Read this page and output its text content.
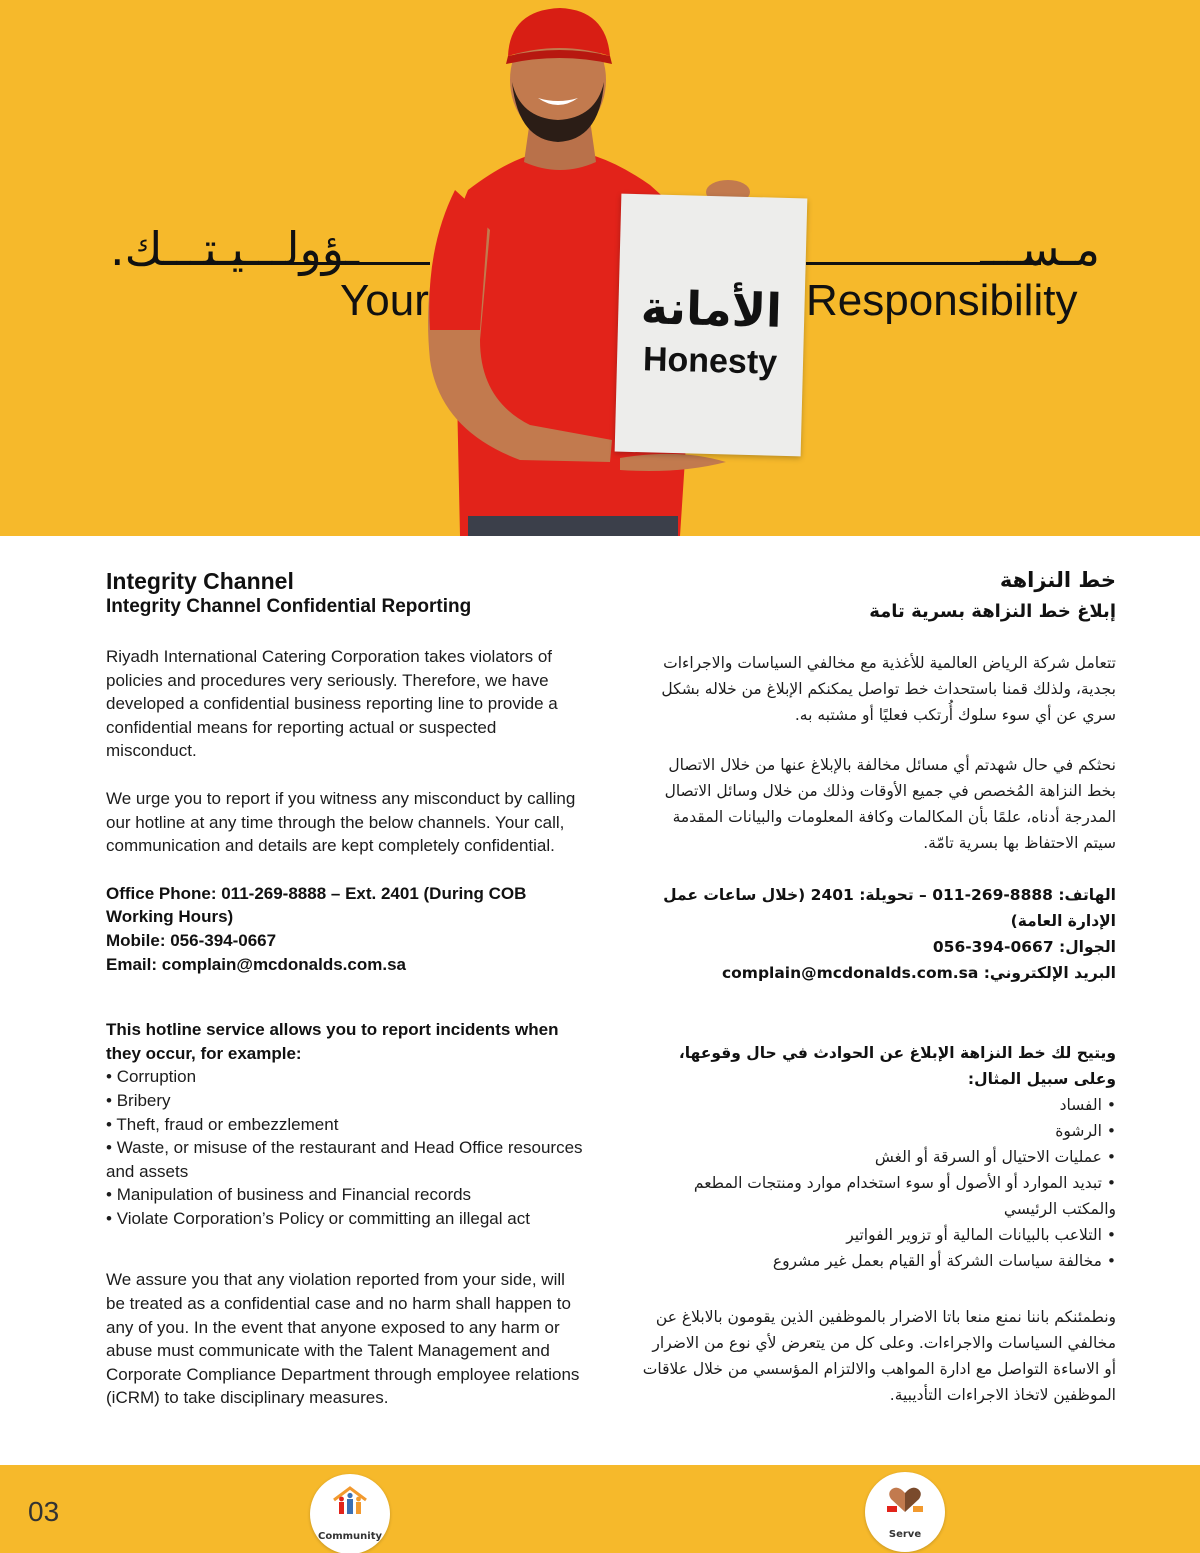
مـســـ
ـؤولـــيـتـــك.
Your	Responsibility
الأمانة
Honesty
Integrity Channel
Integrity Channel Confidential Reporting

Riyadh International Catering Corporation takes violators of policies and procedures very seriously. Therefore, we have developed a confidential business reporting line to provide a confidential means for reporting actual or suspected misconduct.

We urge you to report if you witness any misconduct by calling our hotline at any time through the below channels. Your call, communication and details are kept completely confidential.

Office Phone: 011-269-8888 – Ext. 2401 (During COB Working Hours)
Mobile: 056-394-0667
Email: complain@mcdonalds.com.sa
This hotline service allows you to report incidents when they occur, for example:
• Corruption
• Bribery
• Theft, fraud or embezzlement
• Waste, or misuse of the restaurant and Head Office resources and assets
• Manipulation of business and Financial records
• Violate Corporation’s Policy or committing an illegal act

We assure you that any violation reported from your side, will be treated as a confidential case and no harm shall happen to any of you. In the event that anyone exposed to any harm or abuse must communicate with the Talent Management and Corporate Compliance Department through employee relations (iCRM) to take disciplinary measures.

خط النزاهة
إبلاغ خط النزاهة بسرية تامة

تتعامل شركة الرياض العالمية للأغذية مع مخالفي السياسات والاجراءات بجدية، ولذلك قمنا باستحداث خط تواصل يمكنكم الإبلاغ من خلاله بشكل سري عن أي سوء سلوك أُرتكب فعليًا أو مشتبه به.

نحثكم في حال شهدتم أي مسائل مخالفة بالإبلاغ عنها من خلال الاتصال بخط النزاهة المُخصص في جميع الأوقات وذلك من خلال وسائل الاتصال المدرجة أدناه، علمًا بأن المكالمات وكافة المعلومات والبيانات المقدمة سيتم الاحتفاظ بها بسرية تامّة.

الهاتف: 8888-269-011 – تحويلة: 2401 (خلال ساعات عمل الإدارة العامة)
الجوال: 0667-394-056
البريد الإلكتروني: complain@mcdonalds.com.sa
ويتيح لك خط النزاهة الإبلاغ عن الحوادث في حال وقوعها، وعلى سبيل المثال:
• الفساد
• الرشوة
• عمليات الاحتيال أو السرقة أو الغش
• تبديد الموارد أو الأصول أو سوء استخدام موارد ومنتجات المطعم والمكتب الرئيسي
• التلاعب بالبيانات المالية أو تزوير الفواتير
• مخالفة سياسات الشركة أو القيام بعمل غير مشروع

ونطمئنكم باننا نمنع منعا باتا الاضرار بالموظفين الذين يقومون بالابلاغ عن مخالفي السياسات والاجراءات. وعلى كل من يتعرض لأي نوع من الاضرار أو الاساءة التواصل مع ادارة المواهب والالتزام المؤسسي من خلال علاقات الموظفين لاتخاذ الاجراءات التأديبية.

03
Community	Serve
